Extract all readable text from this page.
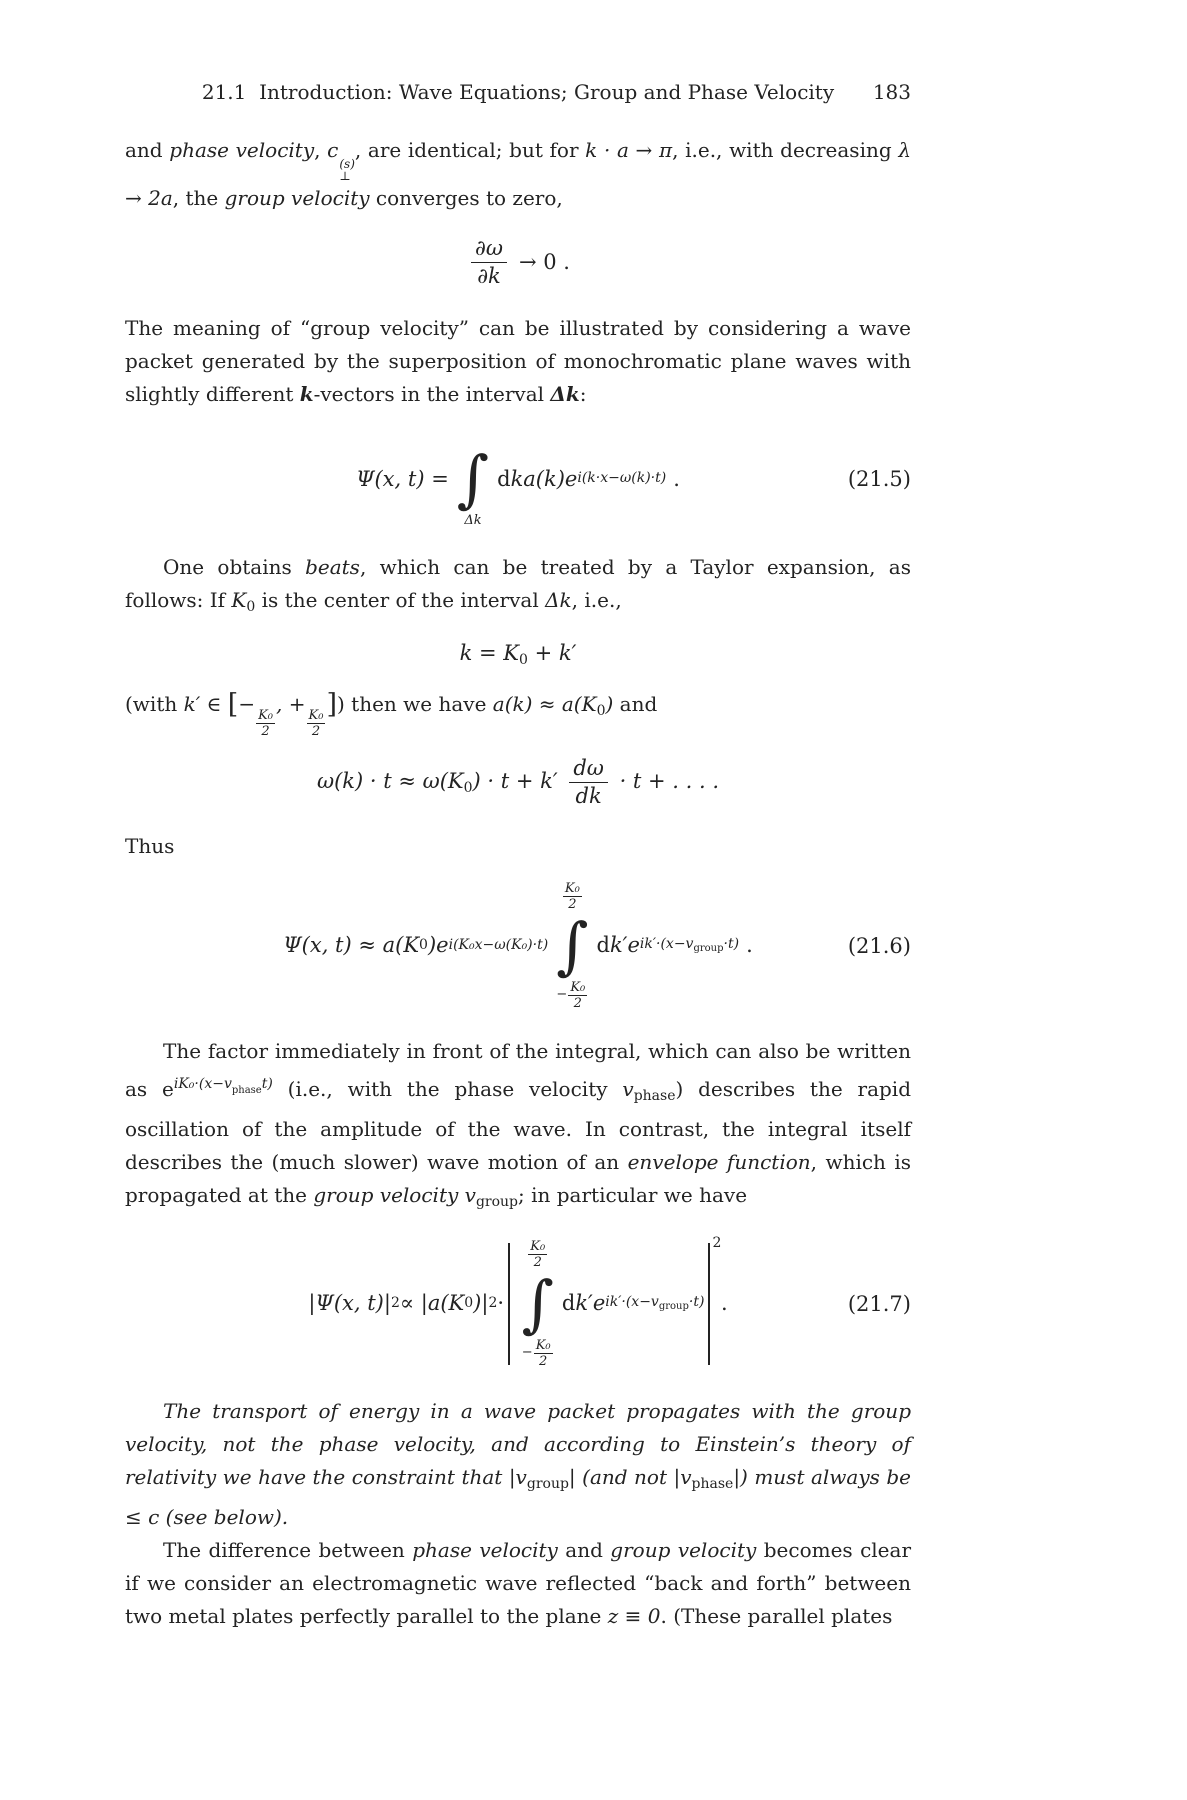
21.1  Introduction: Wave Equations; Group and Phase Velocity 183

and phase velocity, c
(s)
⊥
, are identical; but for k · a → π, i.e., with decreasing λ → 2a, the group velocity converges to zero,

∂ω
∂k
→ 0 .

The meaning of “group velocity” can be illustrated by considering a wave packet generated by the superposition of monochromatic plane waves with slightly different k-vectors in the interval Δk:

Ψ(x, t) = ∫
Δk
d ka(k)e i(k·x−ω(k)·t) .	(21.5)

One obtains beats, which can be treated by a Taylor expansion, as follows: If $K_0$ is the center of the interval Δk, i.e.,

k = K0 + k′

(with k′ ∈ [−
$\frac{\text{K₀}}{2}$
, +
$\frac{\text{K₀}}{2}$
]) then we have $a(k) \approx a(K_0)$ and

$\omega(k) \cdot t \approx \omega(K0) \cdot t + k' \frac{d\omega}{dk} \cdot t$ + . . . .

Thus

Ψ(x, t) ≈ a(K 0 )e i(K₀x−ω(K₀)·t)
K₀
2
∫
− $\frac{\text{K₀}}{2}$
d k′e $ik'\cdot(x-v_{group}\cdot t)$ .	(21.6)

The factor immediately in front of the integral, which can also be written as $e^{iK_0\cdot(x-v}phase^{t)}$ (i.e., with the phase velocity $v_{phase}$) describes the rapid oscillation of the amplitude of the wave. In contrast, the integral itself describes the (much slower) wave motion of an envelope function, which is propagated at the group velocity $v_{group}$; in particular we have

|Ψ(x, t)| 2 ∝ |a(K 0 )| 2 ·
K₀
2
∫
− $\frac{\text{K₀}}{2}$
d k′e $ik'\cdot(x-v_{group}\cdot t)$
2
.	(21.7)

The transport of energy in a wave packet propagates with the group velocity, not the phase velocity, and according to Einstein’s theory of relativity we have the constraint that $|v_{group}|$ (and not $|v_{phase}|$) must always be ≤ c (see below).

The difference between phase velocity and group velocity becomes clear if we consider an electromagnetic wave reflected “back and forth” between two metal plates perfectly parallel to the plane z ≡ 0. (These parallel plates
